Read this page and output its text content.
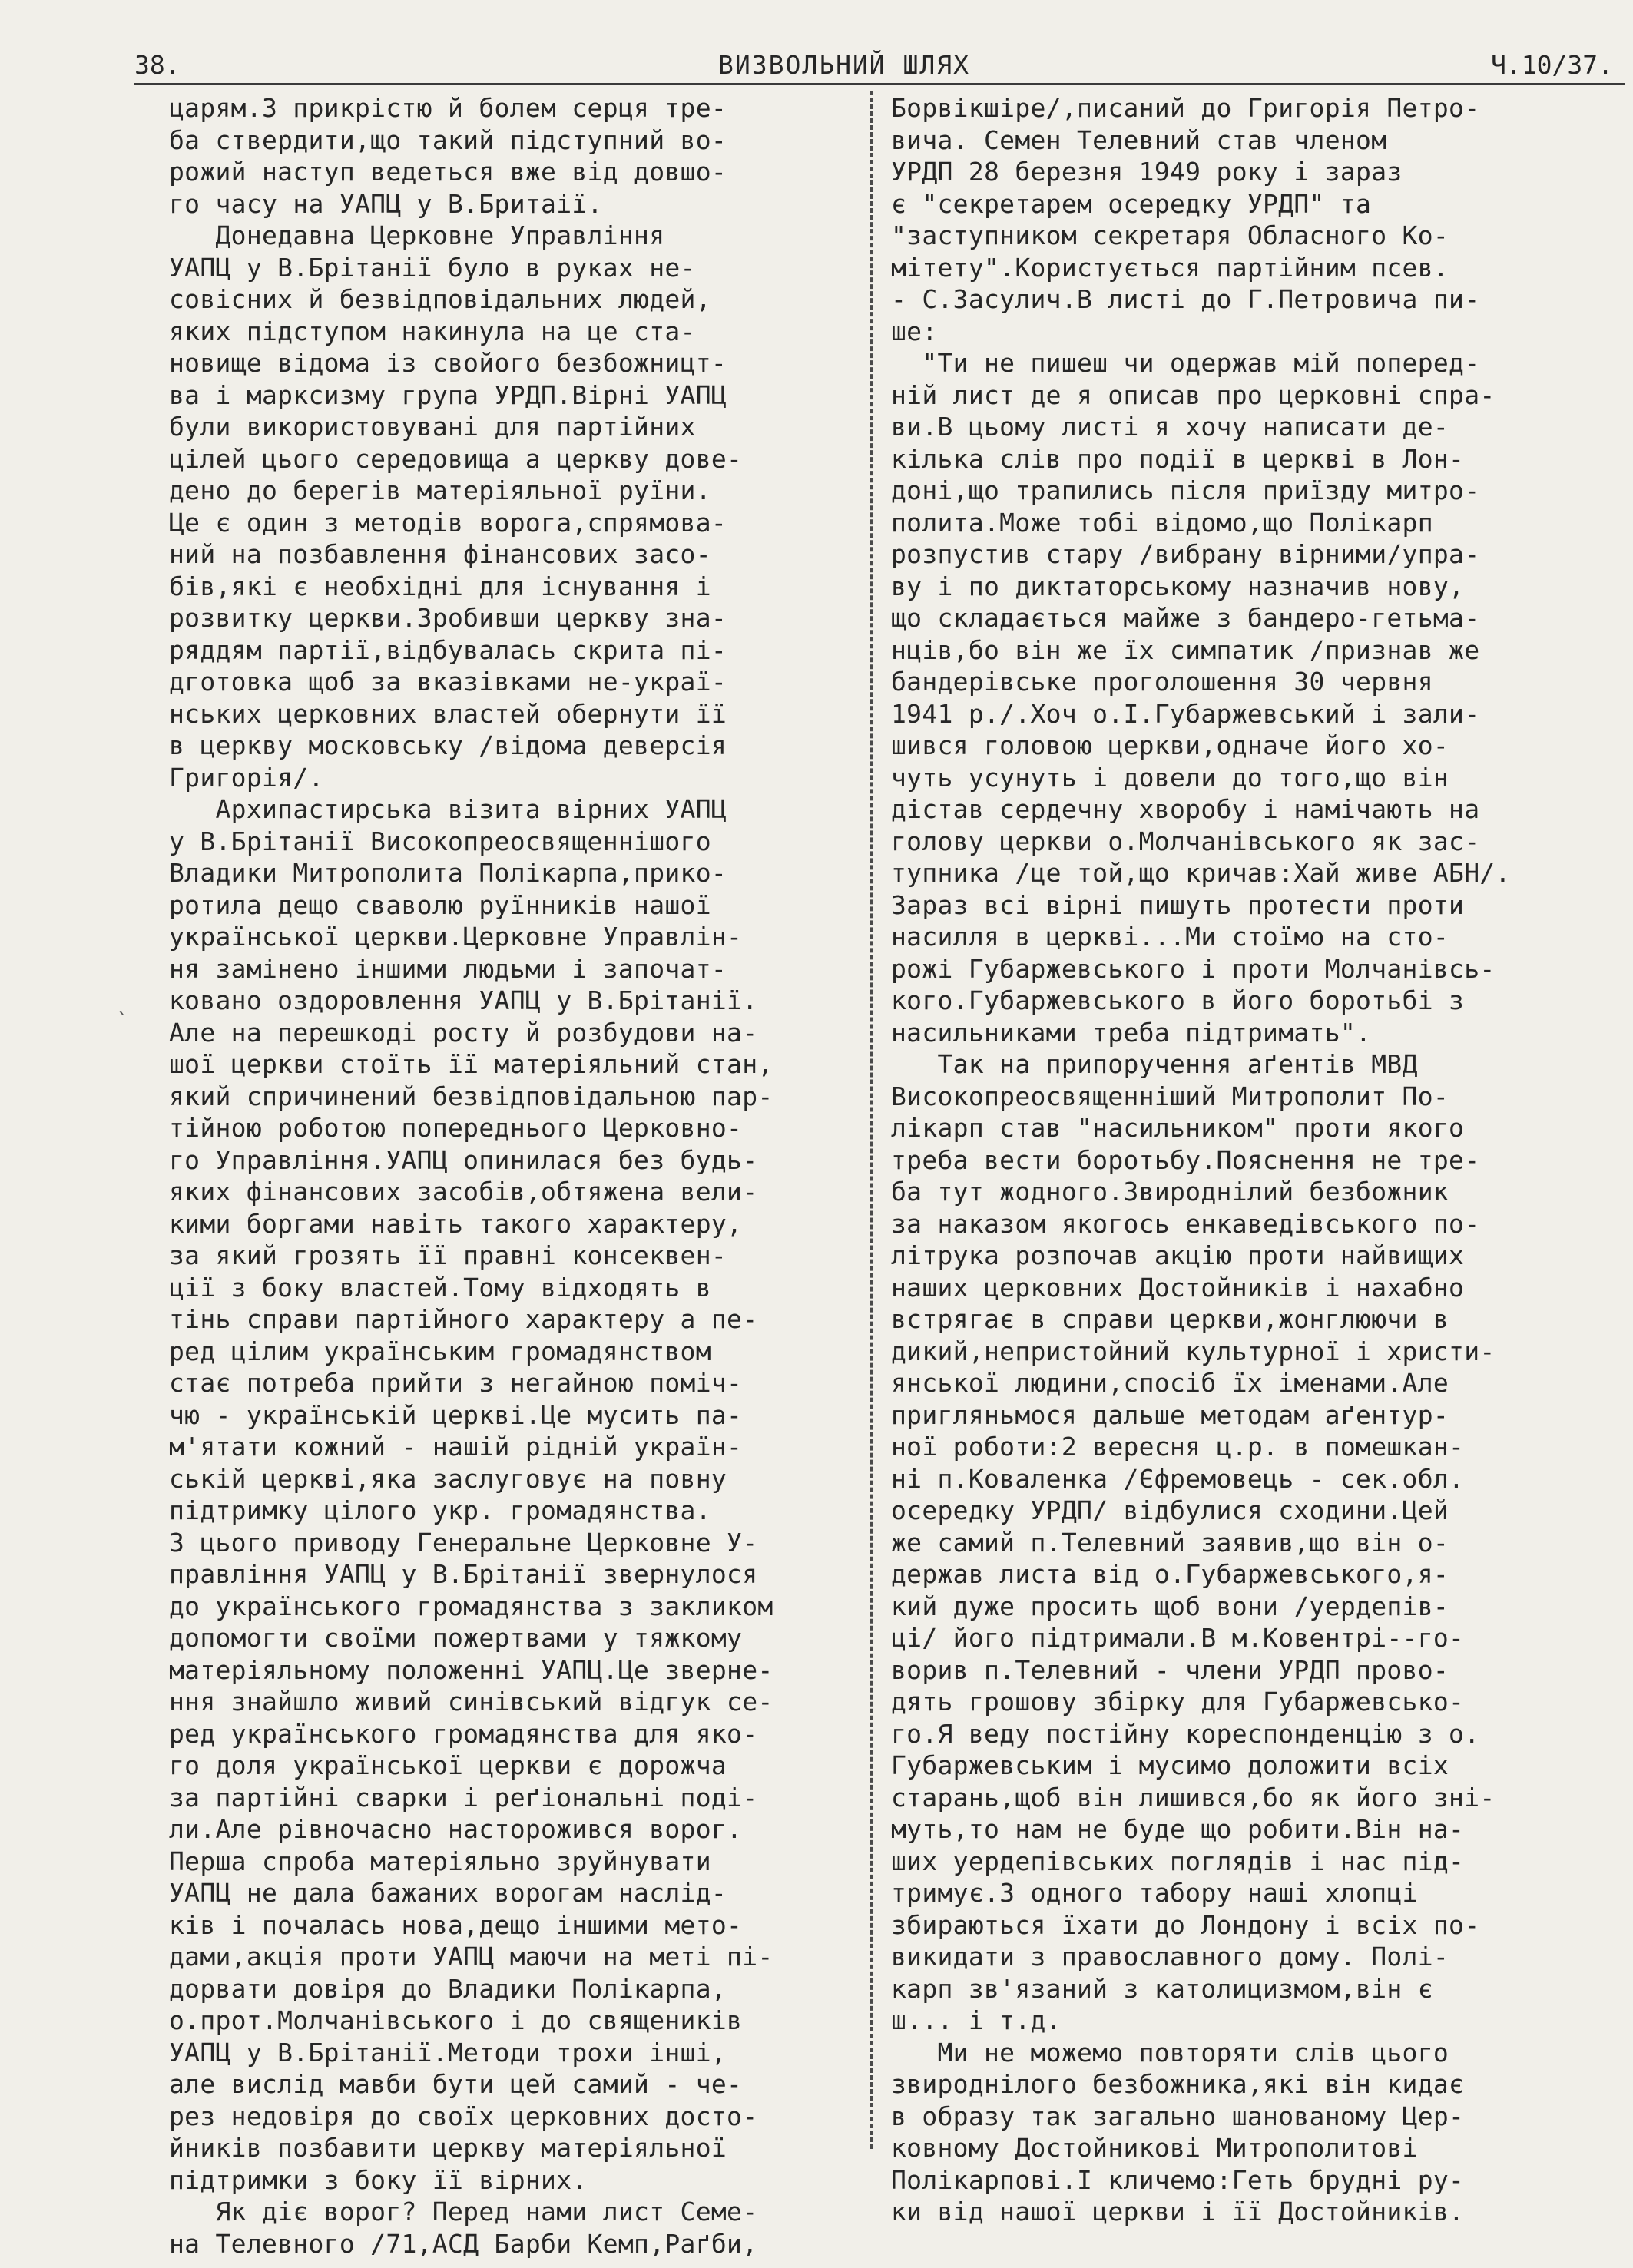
38.	ВИЗВОЛЬНИЙ ШЛЯХ	Ч.10/37.
`
царям.З прикрістю й болем серця тре-
ба ствердити,що такий підступний во-
рожий наступ ведеться вже від довшо-
го часу на УАПЦ у В.Бритаії.
Донедавна Церковне Управління
УАПЦ у В.Брітанії було в руках не-
совісних й безвідповідальних людей,
яких підступом накинула на це ста-
новище відома із свойого безбожницт-
ва і марксизму група УРДП.Вірні УАПЦ
були використовувані для партійних
цілей цього середовища а церкву дове-
дено до берегів матеріяльної руїни.
Це є один з методів ворога,спрямова-
ний на позбавлення фінансових засо-
бів,які є необхідні для існування і
розвитку церкви.Зробивши церкву зна-
ряддям партії,відбувалась скрита пі-
дготовка щоб за вказівками не-украї-
нських церковних властей обернути її
в церкву московську /відома деверсія
Григорія/.
Архипастирська візита вірних УАПЦ
у В.Брітанії Високопреосвященнішого
Владики Митрополита Полікарпа,прико-
ротила дещо сваволю руїнників нашої
української церкви.Церковне Управлін-
ня замінено іншими людьми і започат-
ковано оздоровлення УАПЦ у В.Брітанії.
Але на перешкоді росту й розбудови на-
шої церкви стоїть її матеріяльний стан,
який спричинений безвідповідальною пар-
тійною роботою попереднього Церковно-
го Управління.УАПЦ опинилася без будь-
яких фінансових засобів,обтяжена вели-
кими боргами навіть такого характеру,
за який грозять її правні консеквен-
ції з боку властей.Тому відходять в
тінь справи партійного характеру а пе-
ред цілим українським громадянством
стає потреба прийти з негайною поміч-
чю - українській церкві.Це мусить па-
м'ятати кожний - нашій рідній україн-
ській церкві,яка заслуговує на повну
підтримку цілого укр. громадянства.
З цього приводу Генеральне Церковне У-
правління УАПЦ у В.Брітанії звернулося
до українського громадянства з закликом
допомогти своїми пожертвами у тяжкому
матеріяльному положенні УАПЦ.Це зверне-
ння знайшло живий синівський відгук се-
ред українського громадянства для яко-
го доля української церкви є дорожча
за партійні сварки і реґіональні поді-
ли.Але рівночасно насторожився ворог.
Перша спроба матеріяльно зруйнувати
УАПЦ не дала бажаних ворогам наслід-
ків і почалась нова,дещо іншими мето-
дами,акція проти УАПЦ маючи на меті пі-
дорвати довіря до Владики Полікарпа,
о.прот.Молчанівського і до священиків
УАПЦ у В.Брітанії.Методи трохи інші,
але вислід мавби бути цей самий - че-
рез недовіря до своїх церковних досто-
йників позбавити церкву матеріяльної
підтримки з боку її вірних.
Як діє ворог? Перед нами лист Семе-
на Телевного /71,АСД Барби Кемп,Раґби,
Борвікшіре/,писаний до Григорія Петро-
вича. Семен Телевний став членом
УРДП 28 березня 1949 року і зараз
є "секретарем осередку УРДП" та
"заступником секретаря Обласного Ко-
мітету".Користується партійним псев.
- С.Засулич.В листі до Г.Петровича пи-
ше:
"Ти не пишеш чи одержав мій поперед-
ній лист де я описав про церковні спра-
ви.В цьому листі я хочу написати де-
кілька слів про події в церкві в Лон-
доні,що трапились після приїзду митро-
полита.Може тобі відомо,що Полікарп
розпустив стару /вибрану вірними/упра-
ву і по диктаторському назначив нову,
що складається майже з бандеро-гетьма-
нців,бо він же їх симпатик /признав же
бандерівське проголошення 30 червня
1941 р./.Хоч о.І.Губаржевський і зали-
шився головою церкви,одначе його хо-
чуть усунуть і довели до того,що він
дістав сердечну хворобу і намічають на
голову церкви о.Молчанівського як зас-
тупника /це той,що кричав:Хай живе АБН/.
Зараз всі вірні пишуть протести проти
насилля в церкві...Ми стоїмо на сто-
рожі Губаржевського і проти Молчанівсь-
кого.Губаржевського в його боротьбі з
насильниками треба підтримать".
Так на припоручення аґентів МВД
Високопреосвященніший Митрополит По-
лікарп став "насильником" проти якого
треба вести боротьбу.Пояснення не тре-
ба тут жодного.Звироднілий безбожник
за наказом якогось енкаведівського по-
літрука розпочав акцію проти найвищих
наших церковних Достойників і нахабно
встрягає в справи церкви,жонглюючи в
дикий,непристойний культурної і христи-
янської людини,спосіб їх іменами.Але
пригляньмося дальше методам аґентур-
ної роботи:2 вересня ц.р. в помешкан-
ні п.Коваленка /Єфремовець - сек.обл.
осередку УРДП/ відбулися сходини.Цей
же самий п.Телевний заявив,що він о-
держав листа від о.Губаржевського,я-
кий дуже просить щоб вони /уердепів-
ці/ його підтримали.В м.Ковентрі--го-
ворив п.Телевний - члени УРДП прово-
дять грошову збірку для Губаржевсько-
го.Я веду постійну кореспонденцію з о.
Губаржевським і мусимо доложити всіх
старань,щоб він лишився,бо як його зні-
муть,то нам не буде що робити.Він на-
ших уердепівських поглядів і нас під-
тримує.З одного табору наші хлопці
збираються їхати до Лондону і всіх по-
викидати з православного дому. Полі-
карп зв'язаний з католицизмом,він є
ш... і т.д.
Ми не можемо повторяти слів цього
звироднілого безбожника,які він кидає
в образу так загально шанованому Цер-
ковному Достойникові Митрополитові
Полікарпові.І кличемо:Геть брудні ру-
ки від нашої церкви і її Достойників.
